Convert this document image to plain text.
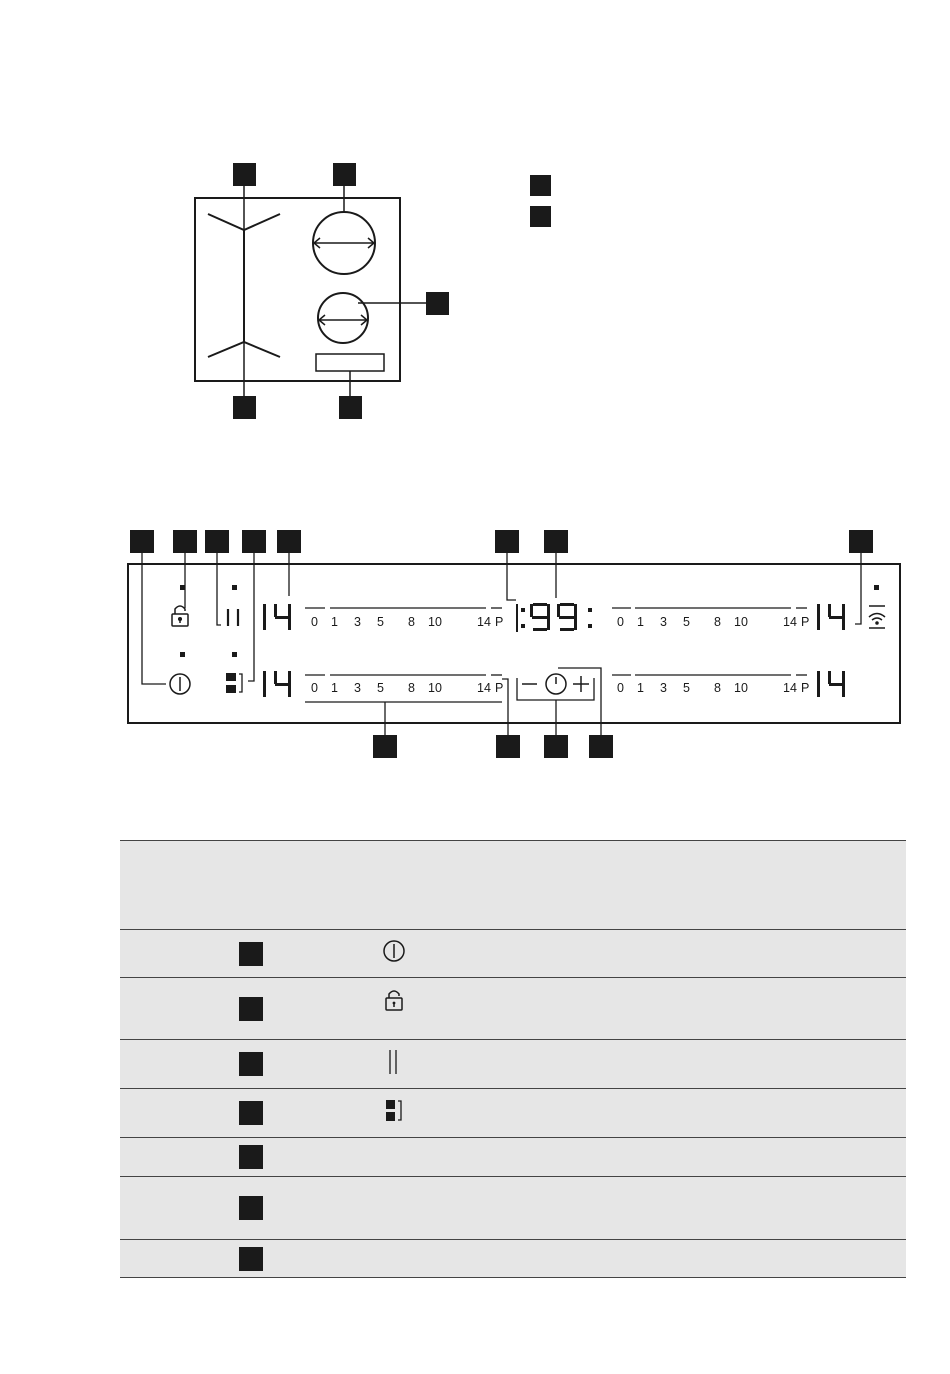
0 1 3 5 8 10	14 P
0 1 3 5 8 10	14 P
0 1 3 5 8 10	14 P
0 1 3 5 8 10	14 P
